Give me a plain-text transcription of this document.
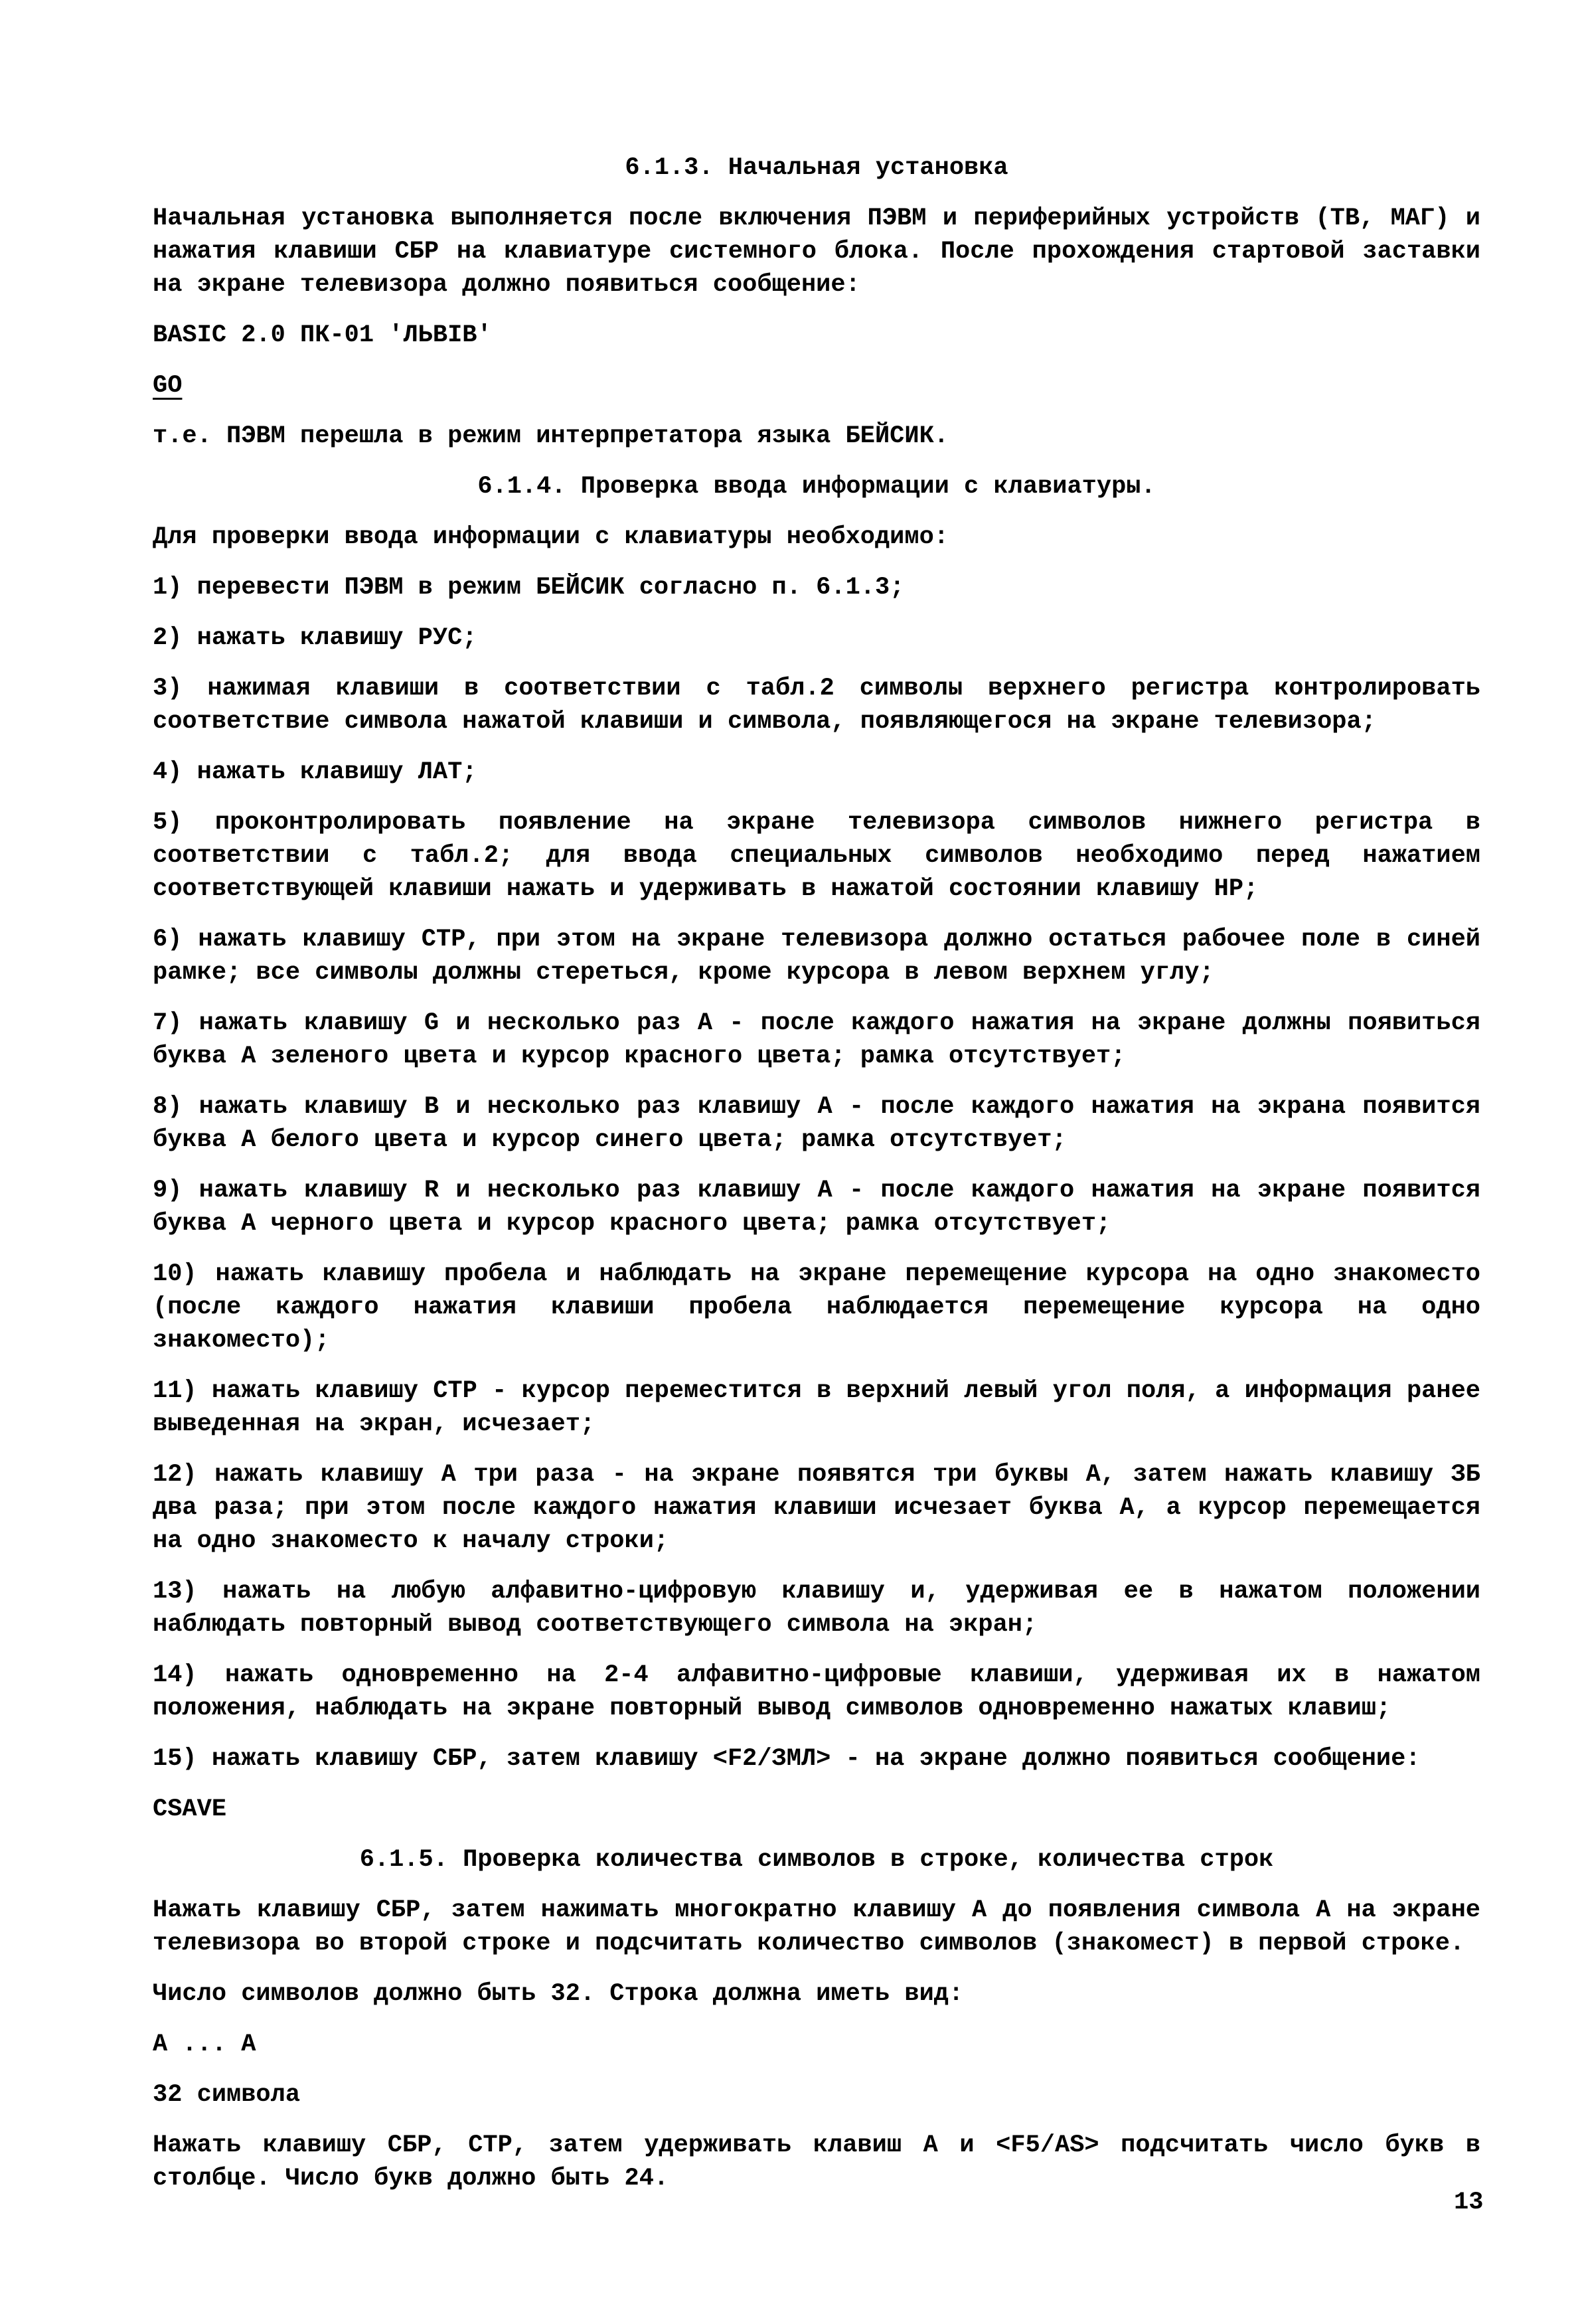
6.1.3. Начальная установка

Начальная установка выполняется после включения ПЭВМ и периферийных устройств (ТВ, МАГ) и нажатия клавиши СБР на клавиатуре системного блока. После прохождения стартовой заставки на экране телевизора должно появиться сообщение:

BASIC 2.0 ПК-01 'ЛЬВІВ'

GO

т.е. ПЭВМ перешла в режим интерпретатора языка БЕЙСИК.

6.1.4. Проверка ввода информации с клавиатуры.

Для проверки ввода информации с клавиатуры необходимо:

1) перевести ПЭВМ в режим БЕЙСИК согласно п. 6.1.3;

2) нажать клавишу РУС;

3) нажимая клавиши в соответствии с табл.2 символы верхнего регистра контролировать соответствие символа нажатой клавиши и символа, появляющегося на экране телевизора;

4) нажать клавишу ЛАТ;

5) проконтролировать появление на экране телевизора символов нижнего регистра в соответствии с табл.2; для ввода специальных символов необходимо перед нажатием соответствующей клавиши нажать и удерживать в нажатой состоянии клавишу НР;

6) нажать клавишу СТР, при этом на экране телевизора должно остаться рабочее поле в синей рамке; все символы должны стереться, кроме курсора в левом верхнем углу;

7) нажать клавишу G и несколько раз А - после каждого нажатия на экране должны появиться буква А зеленого цвета и курсор красного цвета; рамка отсутствует;

8) нажать клавишу В и несколько раз клавишу А - после каждого нажатия на экрана появится буква А белого цвета и курсор синего цвета; рамка отсутствует;

9) нажать клавишу R и несколько раз клавишу А - после каждого нажатия на экране появится буква А черного цвета и курсор красного цвета; рамка отсутствует;

10) нажать клавишу пробела и наблюдать на экране перемещение курсора на одно знакоместо (после каждого нажатия клавиши пробела наблюдается перемещение курсора на одно знакоместо);

11) нажать клавишу СТР - курсор переместится в верхний левый угол поля, а информация ранее выведенная на экран, исчезает;

12) нажать клавишу А три раза - на экране появятся три буквы А, затем нажать клавишу ЗБ два раза; при этом после каждого нажатия клавиши исчезает буква А, а курсор перемещается на одно знакоместо к началу строки;

13) нажать на любую алфавитно-цифровую клавишу и, удерживая ее в нажатом положении наблюдать повторный вывод соответствующего символа на экран;

14) нажать одновременно на 2-4 алфавитно-цифровые клавиши, удерживая их в нажатом положения, наблюдать на экране повторный вывод символов одновременно нажатых клавиш;

15) нажать клавишу СБР, затем клавишу <F2/ЗМЛ> - на экране должно появиться сообщение:

CSAVE

6.1.5. Проверка количества символов в строке, количества строк

Нажать клавишу СБР, затем нажимать многократно клавишу А до появления символа А на экране телевизора во второй строке и подсчитать количество символов (знакомест) в первой строке.

Число символов должно быть 32. Строка должна иметь вид:

А ... А

32 символа

Нажать клавишу СБР, СТР, затем удерживать клавиш А и <F5/AS> подсчитать число букв в столбце. Число букв должно быть 24.

13
